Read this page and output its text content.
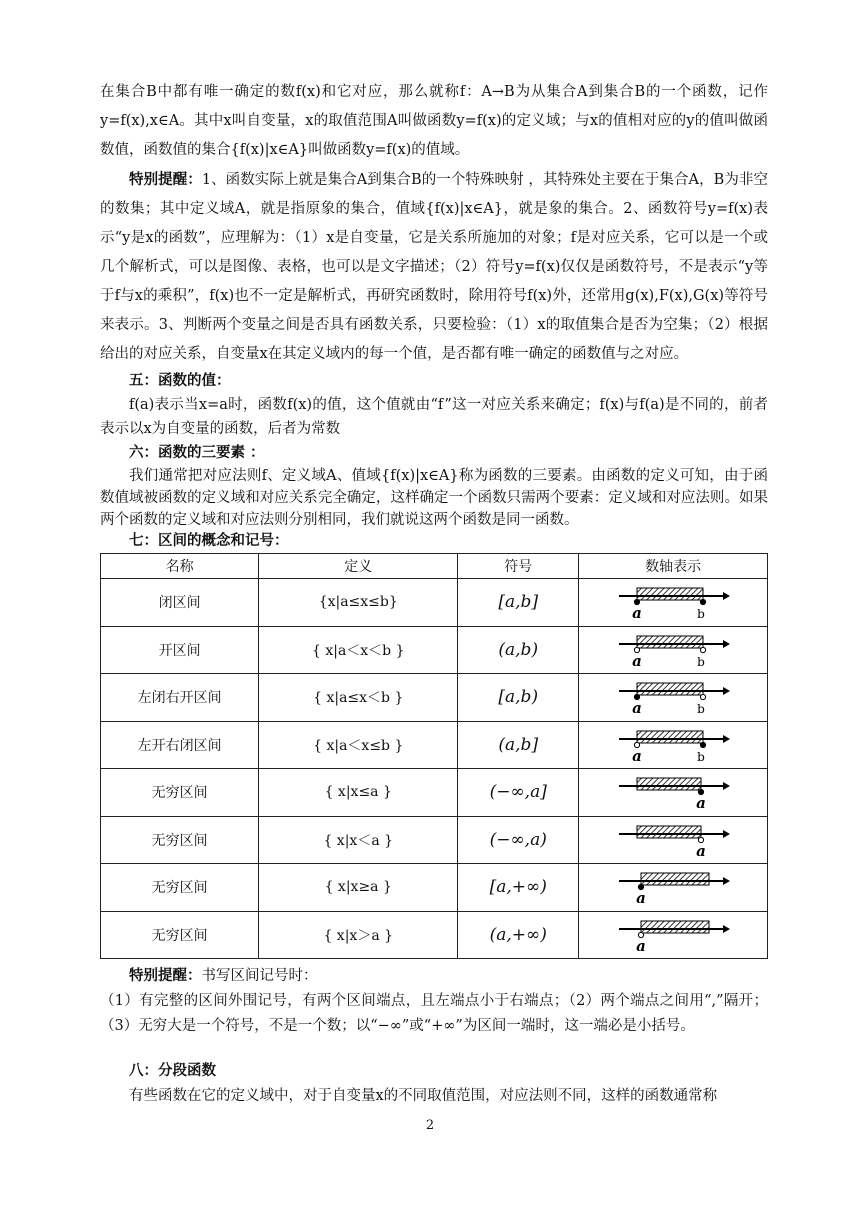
在集合B中都有唯一确定的数f(x)和它对应，那么就称f：A→B为从集合A到集合B的一个函数，记作y=f(x),x∈A。其中x叫自变量，x的取值范围A叫做函数y=f(x)的定义域；与x的值相对应的y的值叫做函数值，函数值的集合{f(x)|x∈A}叫做函数y=f(x)的值域。

特别提醒：1、函数实际上就是集合A到集合B的一个特殊映射 ，其特殊处主要在于集合A，B为非空的数集；其中定义域A，就是指原象的集合，值域{f(x)|x∈A}，就是象的集合。2、函数符号y=f(x)表示“y是x的函数”，应理解为：（1）x是自变量，它是关系所施加的对象；f是对应关系，它可以是一个或几个解析式，可以是图像、表格，也可以是文字描述；（2）符号y=f(x)仅仅是函数符号，不是表示“y等于f与x的乘积”，f(x)也不一定是解析式，再研究函数时，除用符号f(x)外，还常用g(x),F(x),G(x)等符号来表示。3、判断两个变量之间是否具有函数关系，只要检验：（1）x的取值集合是否为空集；（2）根据给出的对应关系，自变量x在其定义域内的每一个值，是否都有唯一确定的函数值与之对应。

五：函数的值：

f(a)表示当x=a时，函数f(x)的值，这个值就由“f”这一对应关系来确定；f(x)与f(a)是不同的，前者表示以x为自变量的函数，后者为常数

六：函数的三要素 ：

我们通常把对应法则f、定义域A、值域{f(x)|x∈A}称为函数的三要素。由函数的定义可知，由于函数值域被函数的定义域和对应关系完全确定，这样确定一个函数只需两个要素：定义域和对应法则。如果两个函数的定义域和对应法则分别相同，我们就说这两个函数是同一函数。

七：区间的概念和记号：

名称	定义	符号	数轴表示
闭区间	{x|a≤x≤b}	[a,b]	a b

开区间	{ x|a＜x＜b }	(a,b)	a b

左闭右开区间	{ x|a≤x＜b }	[a,b)	a b

左开右闭区间	{ x|a＜x≤b }	(a,b]	a b

无穷区间	{ x|x≤a }	(−∞,a]	a

无穷区间	{ x|x＜a }	(−∞,a)	a

无穷区间	{ x|x≥a }	[a,+∞)	a

无穷区间	{ x|x＞a }	(a,+∞)	a

特别提醒：书写区间记号时：

（1）有完整的区间外围记号，有两个区间端点，且左端点小于右端点；（2）两个端点之间用“,”隔开；（3）无穷大是一个符号，不是一个数；以“−∞”或“+∞”为区间一端时，这一端必是小括号。

八：分段函数

有些函数在它的定义域中，对于自变量x的不同取值范围，对应法则不同，这样的函数通常称

2
